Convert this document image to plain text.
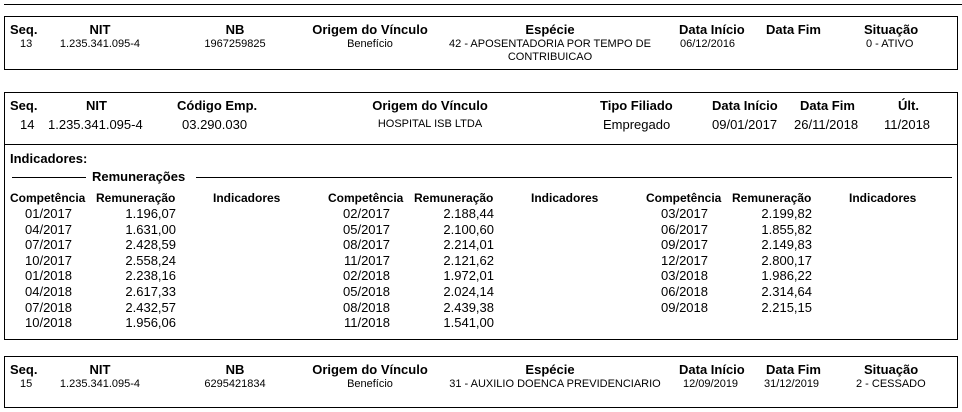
Seq.	NIT	NB	Origem do Vínculo	Espécie	Data Início Data Fim	Situação
13	1.235.341.095-4	1967259825	Benefício	42 - APOSENTADORIA POR TEMPO DE
CONTRIBUICAO
06/12/2016	0 - ATIVO
Seq.	NIT	Código Emp.	Origem do Vínculo	Tipo Filiado	Data Início Data Fim	Últ.
14 1.235.341.095-4	03.290.030	HOSPITAL ISB LTDA	Empregado	09/01/2017 26/11/2018 11/2018
Indicadores:
Remunerações
Competência Remuneração	Indicadores
01/2017	1.196,07
04/2017	1.631,00
07/2017	2.428,59
10/2017	2.558,24
01/2018	2.238,16
04/2018	2.617,33
07/2018	2.432,57
10/2018	1.956,06
Competência Remuneração	Indicadores
02/2017	2.188,44
05/2017	2.100,60
08/2017	2.214,01
11/2017	2.121,62
02/2018	1.972,01
05/2018	2.024,14
08/2018	2.439,38
11/2018	1.541,00
Competência Remuneração	Indicadores
03/2017	2.199,82
06/2017	1.855,82
09/2017	2.149,83
12/2017	2.800,17
03/2018	1.986,22
06/2018	2.314,64
09/2018	2.215,15
Seq.	NIT	NB	Origem do Vínculo	Espécie	Data Início Data Fim	Situação
15	1.235.341.095-4	6295421834	Benefício	31 - AUXILIO DOENCA PREVIDENCIARIO	12/09/2019 31/12/2019	2 - CESSADO
